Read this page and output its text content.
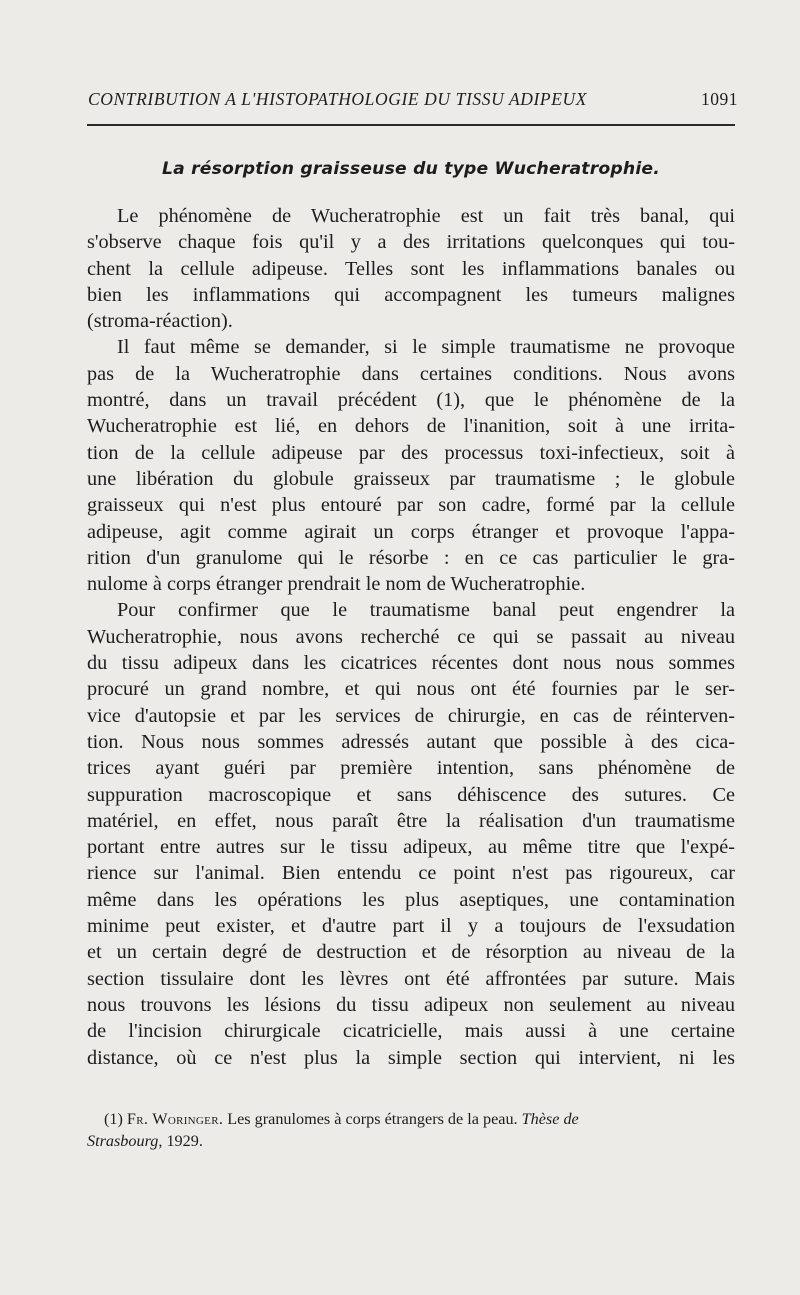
CONTRIBUTION A L'HISTOPATHOLOGIE DU TISSU ADIPEUX	1091
La résorption graisseuse du type Wucheratrophie.
Le phénomène de Wucheratrophie est un fait très banal, qui
s'observe chaque fois qu'il y a des irritations quelconques qui tou-
chent la cellule adipeuse. Telles sont les inflammations banales ou
bien les inflammations qui accompagnent les tumeurs malignes
(stroma-réaction).
Il faut même se demander, si le simple traumatisme ne provoque
pas de la Wucheratrophie dans certaines conditions. Nous avons
montré, dans un travail précédent (1), que le phénomène de la
Wucheratrophie est lié, en dehors de l'inanition, soit à une irrita-
tion de la cellule adipeuse par des processus toxi-infectieux, soit à
une libération du globule graisseux par traumatisme ; le globule
graisseux qui n'est plus entouré par son cadre, formé par la cellule
adipeuse, agit comme agirait un corps étranger et provoque l'appa-
rition d'un granulome qui le résorbe : en ce cas particulier le gra-
nulome à corps étranger prendrait le nom de Wucheratrophie.
Pour confirmer que le traumatisme banal peut engendrer la
Wucheratrophie, nous avons recherché ce qui se passait au niveau
du tissu adipeux dans les cicatrices récentes dont nous nous sommes
procuré un grand nombre, et qui nous ont été fournies par le ser-
vice d'autopsie et par les services de chirurgie, en cas de réinterven-
tion. Nous nous sommes adressés autant que possible à des cica-
trices ayant guéri par première intention, sans phénomène de
suppuration macroscopique et sans déhiscence des sutures. Ce
matériel, en effet, nous paraît être la réalisation d'un traumatisme
portant entre autres sur le tissu adipeux, au même titre que l'expé-
rience sur l'animal. Bien entendu ce point n'est pas rigoureux, car
même dans les opérations les plus aseptiques, une contamination
minime peut exister, et d'autre part il y a toujours de l'exsudation
et un certain degré de destruction et de résorption au niveau de la
section tissulaire dont les lèvres ont été affrontées par suture. Mais
nous trouvons les lésions du tissu adipeux non seulement au niveau
de l'incision chirurgicale cicatricielle, mais aussi à une certaine
distance, où ce n'est plus la simple section qui intervient, ni les
(1) Fr. Woringer. Les granulomes à corps étrangers de la peau. Thèse de
Strasbourg, 1929.
